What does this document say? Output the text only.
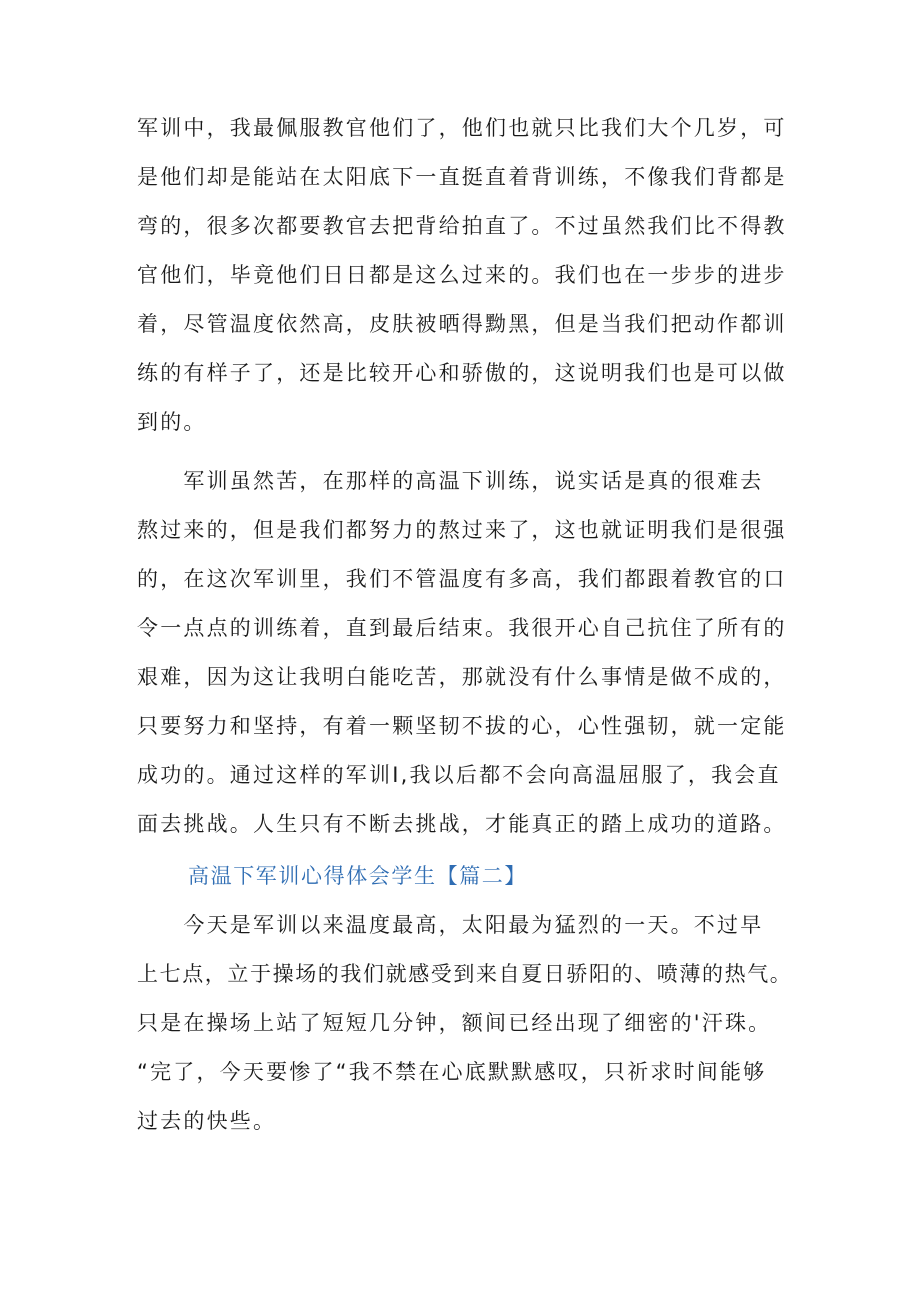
军训中，我最佩服教官他们了，他们也就只比我们大个几岁，可
是他们却是能站在太阳底下一直挺直着背训练，不像我们背都是
弯的，很多次都要教官去把背给拍直了。不过虽然我们比不得教
官他们，毕竟他们日日都是这么过来的。我们也在一步步的进步
着，尽管温度依然高，皮肤被晒得黝黑，但是当我们把动作都训
练的有样子了，还是比较开心和骄傲的，这说明我们也是可以做
到的。
　　军训虽然苦，在那样的高温下训练，说实话是真的很难去
熬过来的，但是我们都努力的熬过来了，这也就证明我们是很强
的，在这次军训里，我们不管温度有多高，我们都跟着教官的口
令一点点的训练着，直到最后结束。我很开心自己抗住了所有的
艰难，因为这让我明白能吃苦，那就没有什么事情是做不成的，
只要努力和坚持，有着一颗坚韧不拔的心，心性强韧，就一定能
成功的。通过这样的军训Ⅰ,我以后都不会向高温屈服了，我会直
面去挑战。人生只有不断去挑战，才能真正的踏上成功的道路。
高温下军训心得体会学生【篇二】
　　今天是军训以来温度最高，太阳最为猛烈的一天。不过早
上七点，立于操场的我们就感受到来自夏日骄阳的、喷薄的热气。
只是在操场上站了短短几分钟，额间已经出现了细密的'汗珠。
“完了，今天要惨了“我不禁在心底默默感叹，只祈求时间能够
过去的快些。
